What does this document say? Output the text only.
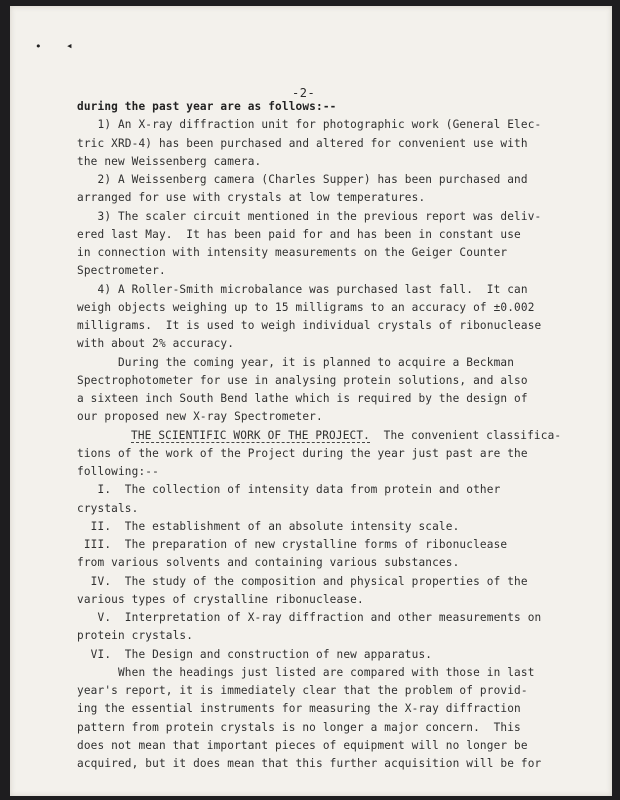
• ◂
-2-
during the past year are as follows:--
1) An X-ray diffraction unit for photographic work (General Elec-
tric XRD-4) has been purchased and altered for convenient use with
the new Weissenberg camera.
2) A Weissenberg camera (Charles Supper) has been purchased and
arranged for use with crystals at low temperatures.
3) The scaler circuit mentioned in the previous report was deliv-
ered last May.  It has been paid for and has been in constant use
in connection with intensity measurements on the Geiger Counter
Spectrometer.
4) A Roller-Smith microbalance was purchased last fall.  It can
weigh objects weighing up to 15 milligrams to an accuracy of ±0.002
milligrams.  It is used to weigh individual crystals of ribonuclease
with about 2% accuracy.
During the coming year, it is planned to acquire a Beckman
Spectrophotometer for use in analysing protein solutions, and also
a sixteen inch South Bend lathe which is required by the design of
our proposed new X-ray Spectrometer.
THE SCIENTIFIC WORK OF THE PROJECT.  The convenient classifica-
tions of the work of the Project during the year just past are the
following:--
I.  The collection of intensity data from protein and other
crystals.
II.  The establishment of an absolute intensity scale.
III.  The preparation of new crystalline forms of ribonuclease
from various solvents and containing various substances.
IV.  The study of the composition and physical properties of the
various types of crystalline ribonuclease.
V.  Interpretation of X-ray diffraction and other measurements on
protein crystals.
VI.  The Design and construction of new apparatus.
When the headings just listed are compared with those in last
year's report, it is immediately clear that the problem of provid-
ing the essential instruments for measuring the X-ray diffraction
pattern from protein crystals is no longer a major concern.  This
does not mean that important pieces of equipment will no longer be
acquired, but it does mean that this further acquisition will be for
